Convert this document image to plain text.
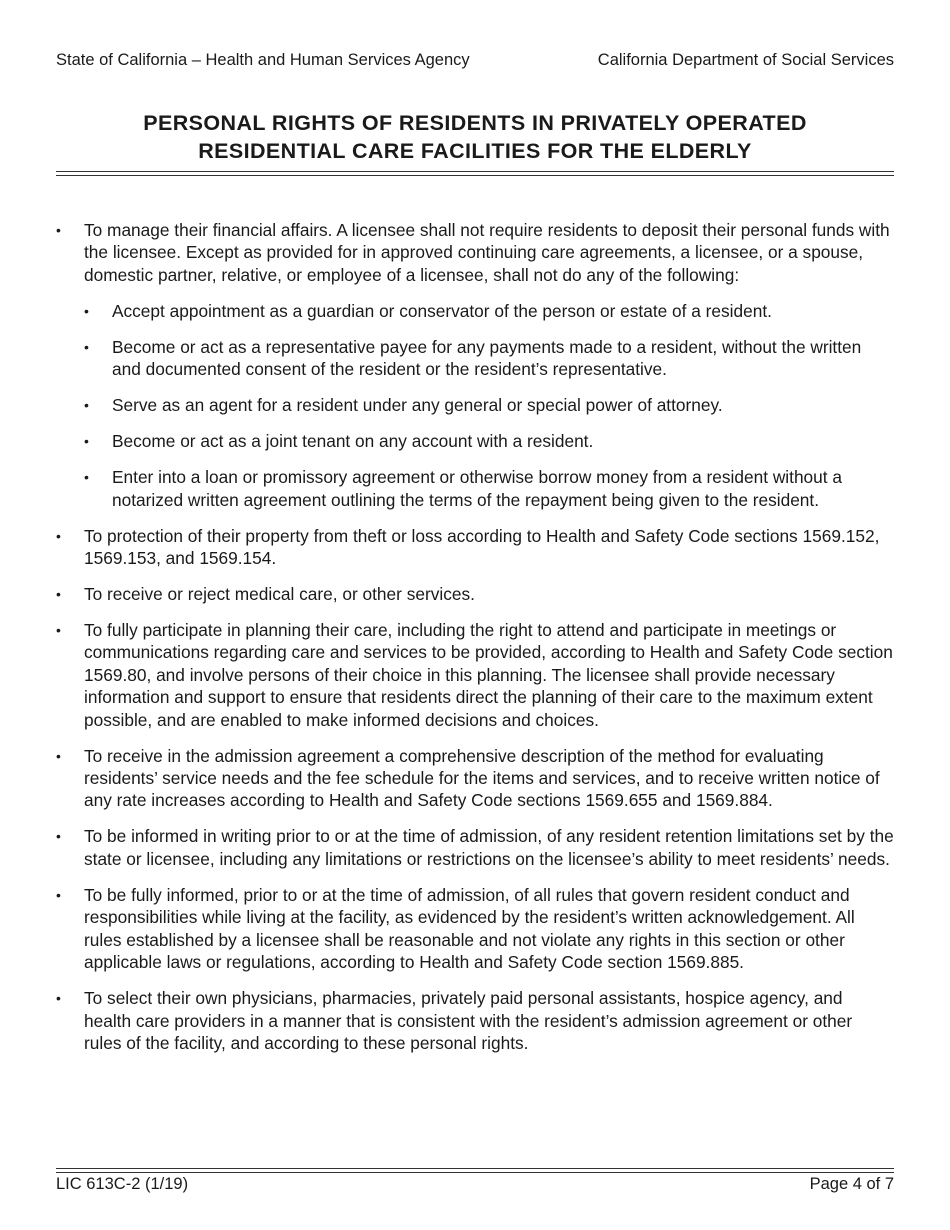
State of California – Health and Human Services Agency	California Department of Social Services
PERSONAL RIGHTS OF RESIDENTS IN PRIVATELY OPERATED
RESIDENTIAL CARE FACILITIES FOR THE ELDERLY
• To manage their financial affairs. A licensee shall not require residents to deposit their personal funds with the licensee. Except as provided for in approved continuing care agreements, a licensee, or a spouse, domestic partner, relative, or employee of a licensee, shall not do any of the following:
• Accept appointment as a guardian or conservator of the person or estate of a resident.
• Become or act as a representative payee for any payments made to a resident, without the written and documented consent of the resident or the resident’s representative.
• Serve as an agent for a resident under any general or special power of attorney.
• Become or act as a joint tenant on any account with a resident.
• Enter into a loan or promissory agreement or otherwise borrow money from a resident without a notarized written agreement outlining the terms of the repayment being given to the resident.
• To protection of their property from theft or loss according to Health and Safety Code sections 1569.152, 1569.153, and 1569.154.
• To receive or reject medical care, or other services.
• To fully participate in planning their care, including the right to attend and participate in meetings or communications regarding care and services to be provided, according to Health and Safety Code section 1569.80, and involve persons of their choice in this planning. The licensee shall provide necessary information and support to ensure that residents direct the planning of their care to the maximum extent possible, and are enabled to make informed decisions and choices.
• To receive in the admission agreement a comprehensive description of the method for evaluating residents’ service needs and the fee schedule for the items and services, and to receive written notice of any rate increases according to Health and Safety Code sections 1569.655 and 1569.884.
• To be informed in writing prior to or at the time of admission, of any resident retention limitations set by the state or licensee, including any limitations or restrictions on the licensee’s ability to meet residents’ needs.
• To be fully informed, prior to or at the time of admission, of all rules that govern resident conduct and responsibilities while living at the facility, as evidenced by the resident’s written acknowledgement. All rules established by a licensee shall be reasonable and not violate any rights in this section or other applicable laws or regulations, according to Health and Safety Code section 1569.885.
• To select their own physicians, pharmacies, privately paid personal assistants, hospice agency, and health care providers in a manner that is consistent with the resident’s admission agreement or other rules of the facility, and according to these personal rights.
LIC 613C-2 (1/19)	Page 4 of 7
